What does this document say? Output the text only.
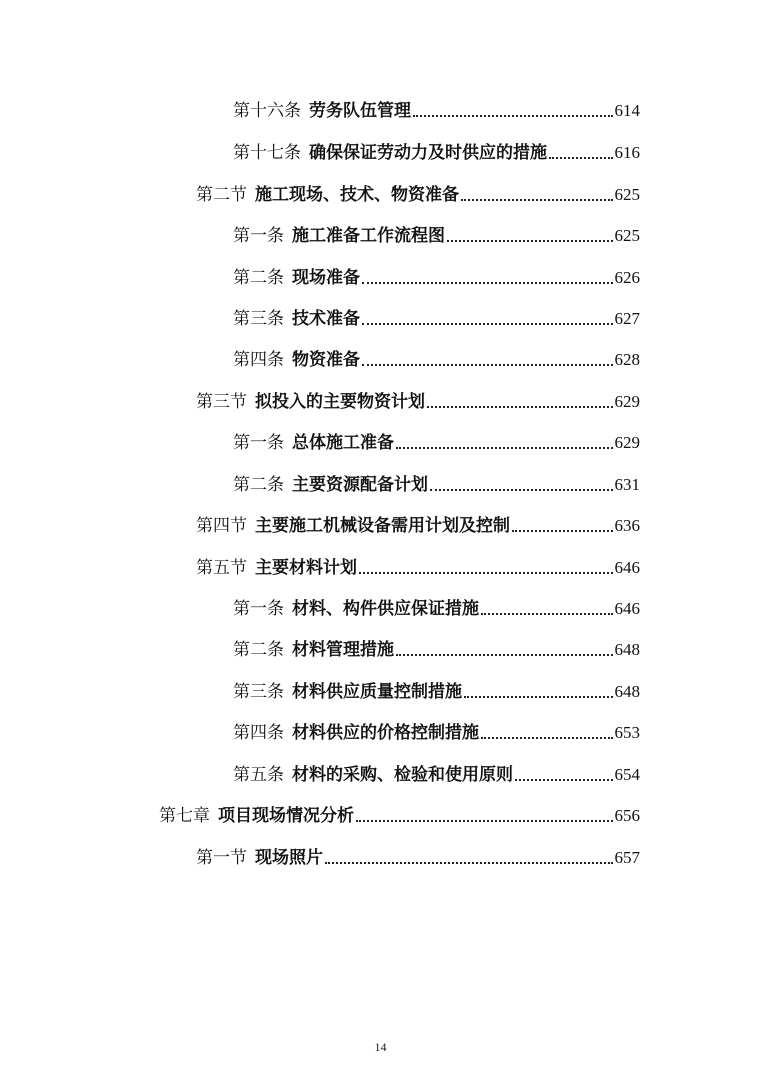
第十六条 劳务队伍管理	614
第十七条 确保保证劳动力及时供应的措施	616
第二节 施工现场、技术、物资准备	625
第一条 施工准备工作流程图	625
第二条 现场准备	626
第三条 技术准备	627
第四条 物资准备	628
第三节 拟投入的主要物资计划	629
第一条 总体施工准备	629
第二条 主要资源配备计划	631
第四节 主要施工机械设备需用计划及控制	636
第五节 主要材料计划	646
第一条 材料、构件供应保证措施	646
第二条 材料管理措施	648
第三条 材料供应质量控制措施	648
第四条 材料供应的价格控制措施	653
第五条 材料的采购、检验和使用原则	654
第七章 项目现场情况分析	656
第一节 现场照片	657
14
